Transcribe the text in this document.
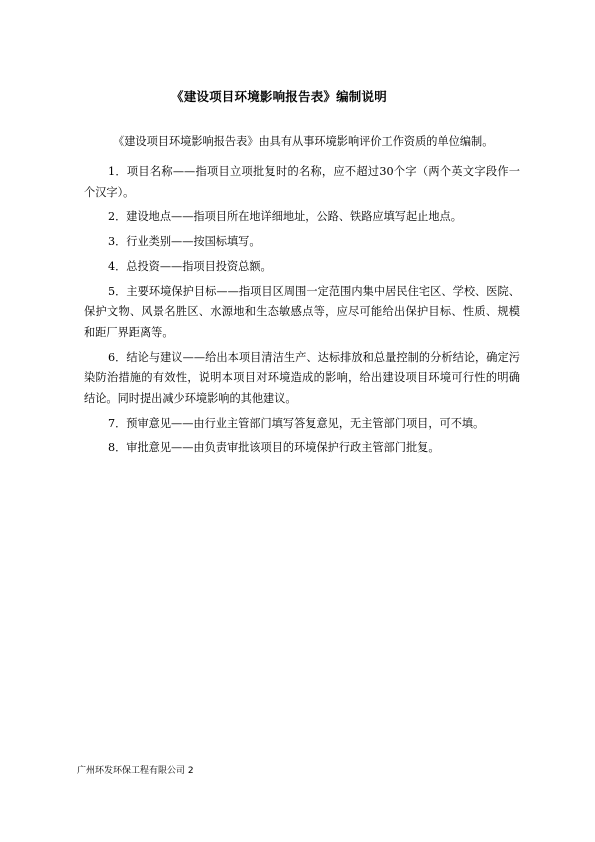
《建设项目环境影响报告表》编制说明
《建设项目环境影响报告表》由具有从事环境影响评价工作资质的单位编制。

1．项目名称——指项目立项批复时的名称，应不超过30个字（两个英文字段作一个汉字）。

2．建设地点——指项目所在地详细地址，公路、铁路应填写起止地点。

3．行业类别——按国标填写。

4．总投资——指项目投资总额。

5．主要环境保护目标——指项目区周围一定范围内集中居民住宅区、学校、医院、保护文物、风景名胜区、水源地和生态敏感点等，应尽可能给出保护目标、性质、规模和距厂界距离等。

6．结论与建议——给出本项目清洁生产、达标排放和总量控制的分析结论，确定污染防治措施的有效性，说明本项目对环境造成的影响，给出建设项目环境可行性的明确结论。同时提出减少环境影响的其他建议。

7．预审意见——由行业主管部门填写答复意见，无主管部门项目，可不填。

8．审批意见——由负责审批该项目的环境保护行政主管部门批复。

广州环发环保工程有限公司 2
